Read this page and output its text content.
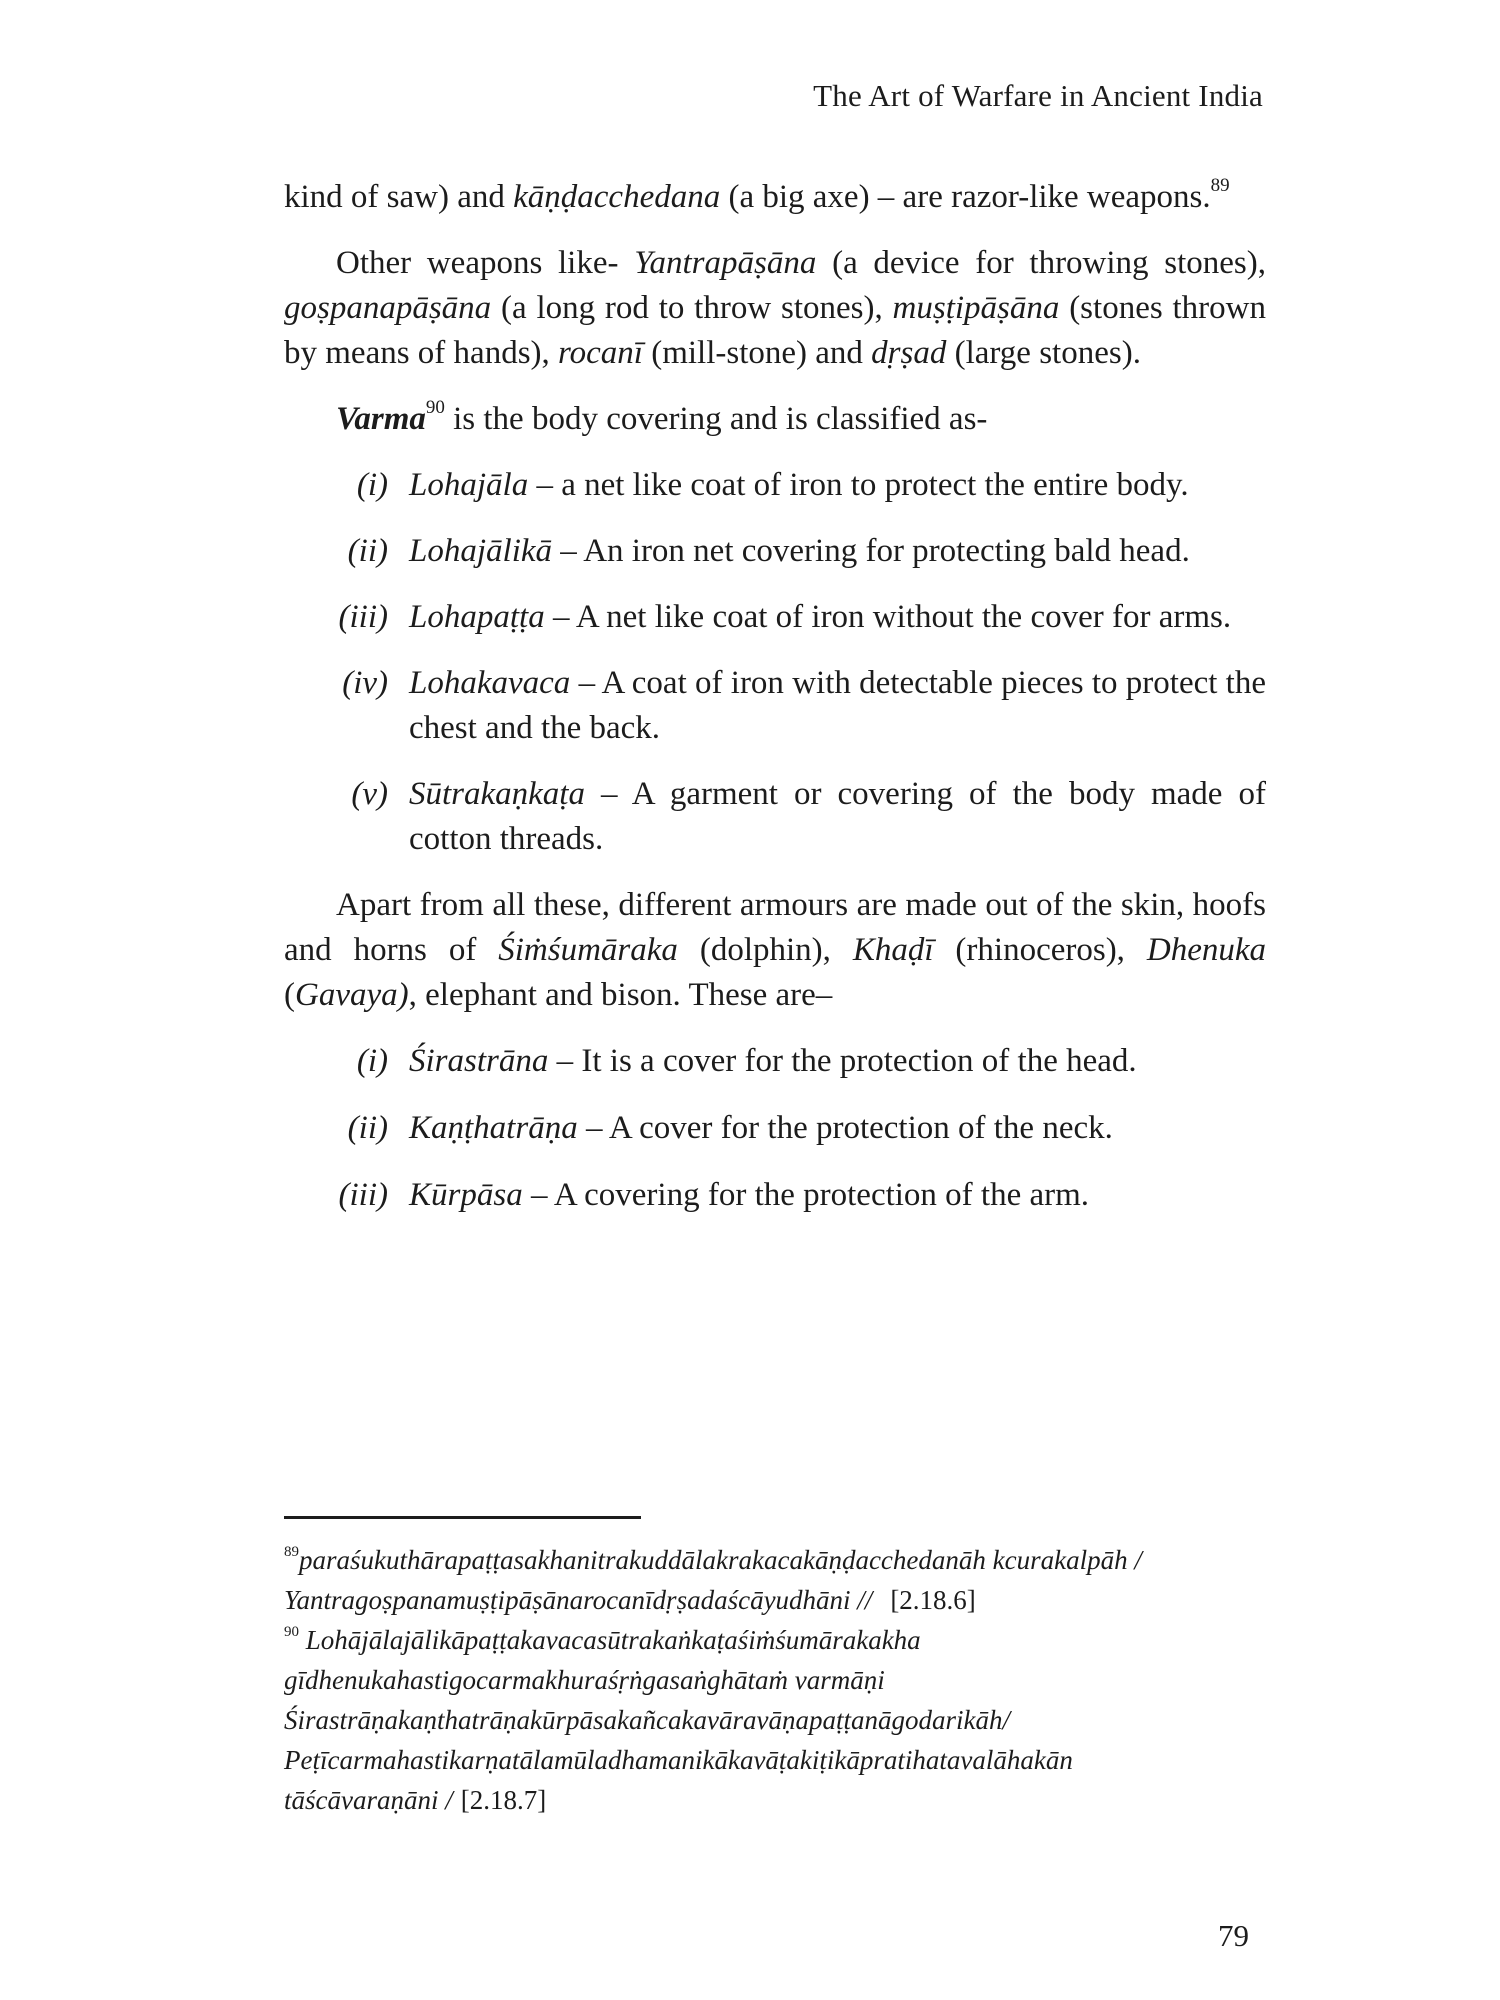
The Art of Warfare in Ancient India

kind of saw) and kāṇḍacchedana (a big axe) – are razor-like weapons.$^{89}$

Other weapons like- Yantrapāṣāna (a device for throwing stones), goṣpanapāṣāna (a long rod to throw stones), muṣṭipāṣāna (stones thrown by means of hands), rocanī (mill-stone) and dṛṣad (large stones).

Varma$^{90}$ is the body covering and is classified as-

(i) Lohajāla – a net like coat of iron to protect the entire body.
(ii) Lohajālikā – An iron net covering for protecting bald head.
(iii) Lohapaṭṭa – A net like coat of iron without the cover for arms.
(iv) Lohakavaca – A coat of iron with detectable pieces to protect the chest and the back.
(v) Sūtrakaṇkaṭa – A garment or covering of the body made of cotton threads.

Apart from all these, different armours are made out of the skin, hoofs and horns of Śiṁśumāraka (dolphin), Khaḍī (rhinoceros), Dhenuka (Gavaya), elephant and bison. These are–

(i) Śirastrāna – It is a cover for the protection of the head.
(ii) Kaṇṭhatrāṇa – A cover for the protection of the neck.
(iii) Kūrpāsa – A covering for the protection of the arm.
$^{89}$paraśukuthārapaṭṭasakhanitrakuddālakrakacakāṇḍacchedanāh kcurakalpāh /
Yantragoṣpanamuṣṭipāṣānarocanīdṛṣadaścāyudhāni // [2.18.6]
$^{90}$ Lohājālajālikāpaṭṭakavacasūtrakaṅkaṭaśiṁśumārakakha
gīdhenukahastigocarmakhuraśṛṅgasaṅghātaṁ varmāṇi
Śirastrāṇakaṇthatrāṇakūrpāsakañcakavāravāṇapaṭṭanāgodarikāh/
Peṭīcarmahastikarṇatālamūladhamanikākavāṭakiṭikāpratihatavalāhakān
tāścāvaraṇāni / [2.18.7]
79
